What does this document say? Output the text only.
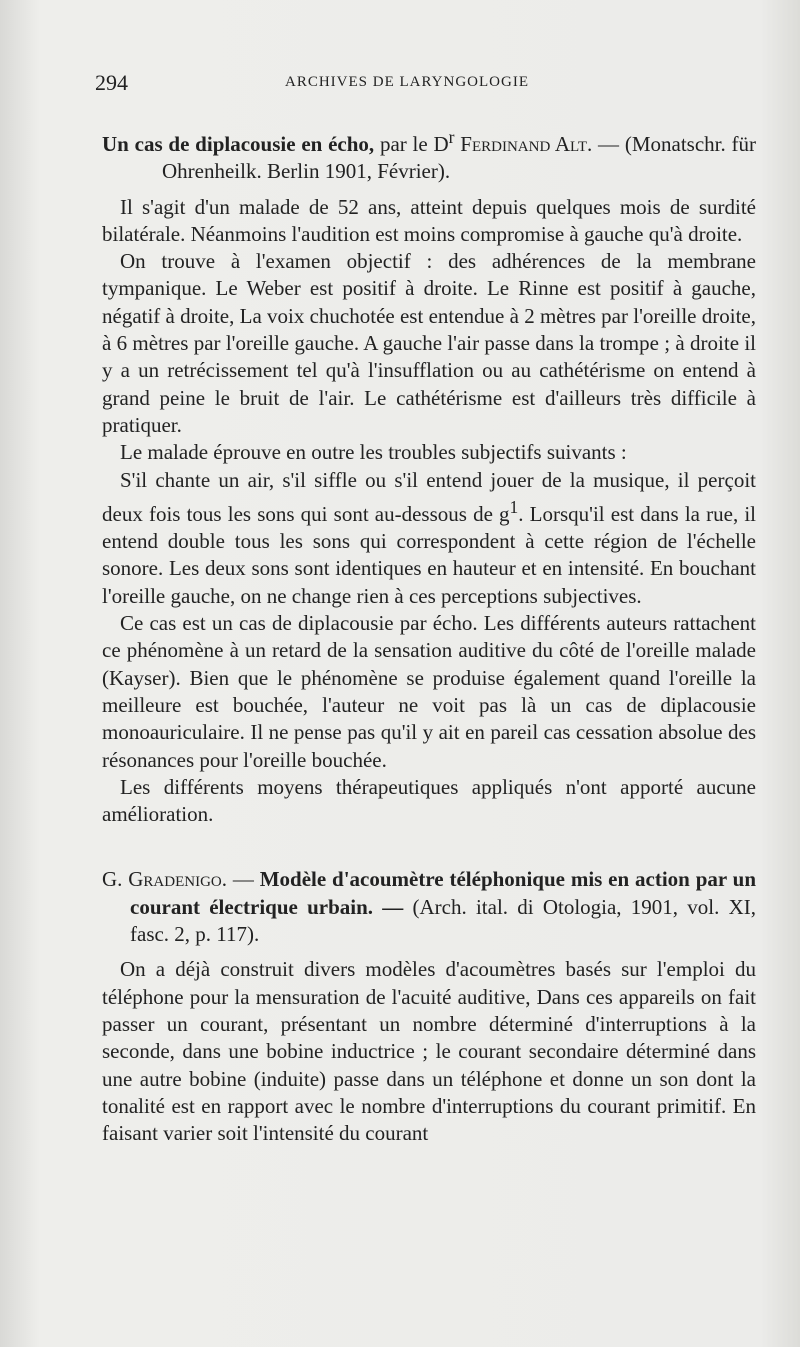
294	ARCHIVES DE LARYNGOLOGIE
Un cas de diplacousie en écho, par le $D^r$ Ferdinand Alt. — (Monatschr. für Ohrenheilk. Berlin 1901, Février).

Il s'agit d'un malade de 52 ans, atteint depuis quelques mois de surdité bilatérale. Néanmoins l'audition est moins compromise à gauche qu'à droite.

On trouve à l'examen objectif : des adhérences de la membrane tympanique. Le Weber est positif à droite. Le Rinne est positif à gauche, négatif à droite, La voix chuchotée est entendue à 2 mètres par l'oreille droite, à 6 mètres par l'oreille gauche. A gauche l'air passe dans la trompe ; à droite il y a un retrécissement tel qu'à l'insufflation ou au cathétérisme on entend à grand peine le bruit de l'air. Le cathétérisme est d'ailleurs très difficile à pratiquer.

Le malade éprouve en outre les troubles subjectifs suivants :

S'il chante un air, s'il siffle ou s'il entend jouer de la musique, il perçoit deux fois tous les sons qui sont au-dessous de $g^1$. Lorsqu'il est dans la rue, il entend double tous les sons qui correspondent à cette région de l'échelle sonore. Les deux sons sont identiques en hauteur et en intensité. En bouchant l'oreille gauche, on ne change rien à ces perceptions subjectives.

Ce cas est un cas de diplacousie par écho. Les différents auteurs rattachent ce phénomène à un retard de la sensation auditive du côté de l'oreille malade (Kayser). Bien que le phénomène se produise également quand l'oreille la meilleure est bouchée, l'auteur ne voit pas là un cas de diplacousie monoauriculaire. Il ne pense pas qu'il y ait en pareil cas cessation absolue des résonances pour l'oreille bouchée.

Les différents moyens thérapeutiques appliqués n'ont apporté aucune amélioration.

G. Gradenigo. — Modèle d'acoumètre téléphonique mis en action par un courant électrique urbain. — (Arch. ital. di Otologia, 1901, vol. XI, fasc. 2, p. 117).

On a déjà construit divers modèles d'acoumètres basés sur l'emploi du téléphone pour la mensuration de l'acuité auditive, Dans ces appareils on fait passer un courant, présentant un nombre déterminé d'interruptions à la seconde, dans une bobine inductrice ; le courant secondaire déterminé dans une autre bobine (induite) passe dans un téléphone et donne un son dont la tonalité est en rapport avec le nombre d'interruptions du courant primitif. En faisant varier soit l'intensité du courant
